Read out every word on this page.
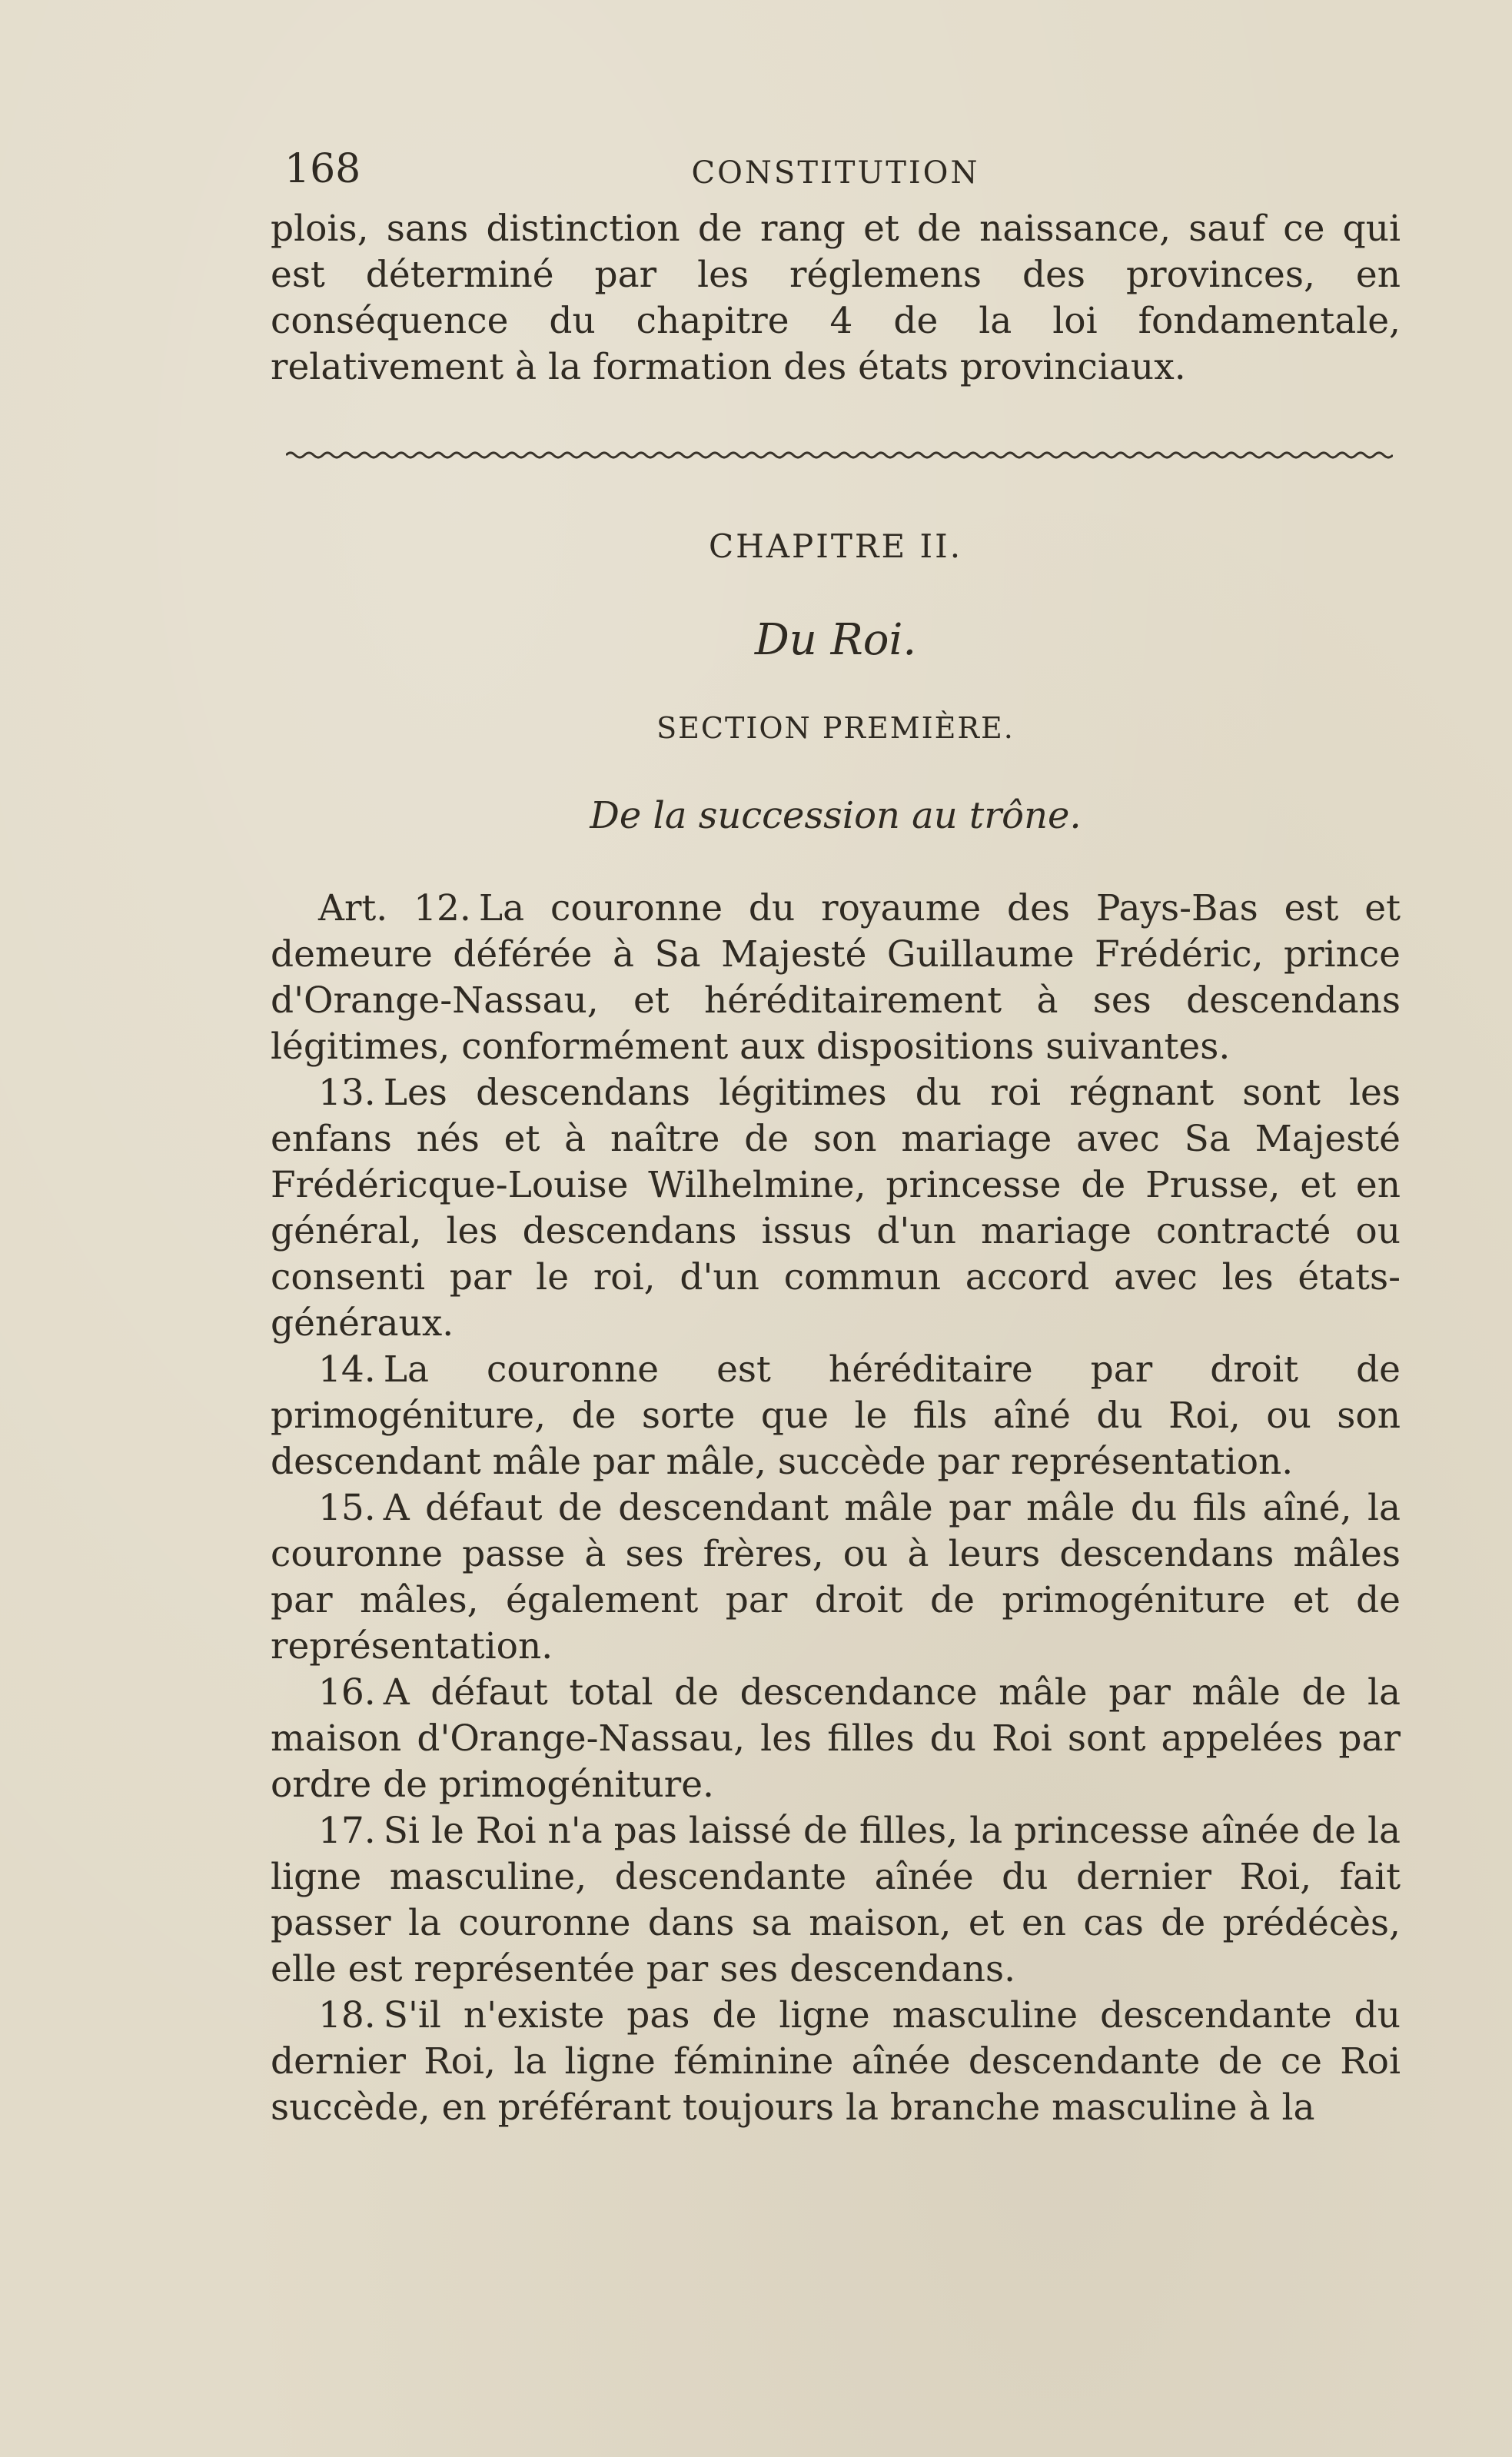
168	CONSTITUTION

plois, sans distinction de rang et de naissance, sauf ce qui est déterminé par les réglemens des provinces, en conséquence du chapitre 4 de la loi fondamentale, relativement à la formation des états provinciaux.

CHAPITRE II.
Du Roi.
SECTION PREMIÈRE.
De la succession au trône.

Art. 12. La couronne du royaume des Pays-Bas est et demeure déférée à Sa Majesté Guillaume Frédéric, prince d'Orange-Nassau, et héréditairement à ses descendans légitimes, conformément aux dispositions suivantes.

13. Les descendans légitimes du roi régnant sont les enfans nés et à naître de son mariage avec Sa Majesté Frédéricque-Louise Wilhelmine, princesse de Prusse, et en général, les descendans issus d'un mariage contracté ou consenti par le roi, d'un commun accord avec les états-généraux.

14. La couronne est héréditaire par droit de primogéniture, de sorte que le fils aîné du Roi, ou son descendant mâle par mâle, succède par représentation.

15. A défaut de descendant mâle par mâle du fils aîné, la couronne passe à ses frères, ou à leurs descendans mâles par mâles, également par droit de primogéniture et de représentation.

16. A défaut total de descendance mâle par mâle de la maison d'Orange-Nassau, les filles du Roi sont appelées par ordre de primogéniture.

17. Si le Roi n'a pas laissé de filles, la princesse aînée de la ligne masculine, descendante aînée du dernier Roi, fait passer la couronne dans sa maison, et en cas de prédécès, elle est représentée par ses descendans.

18. S'il n'existe pas de ligne masculine descendante du dernier Roi, la ligne féminine aînée descendante de ce Roi succède, en préférant toujours la branche masculine à la
